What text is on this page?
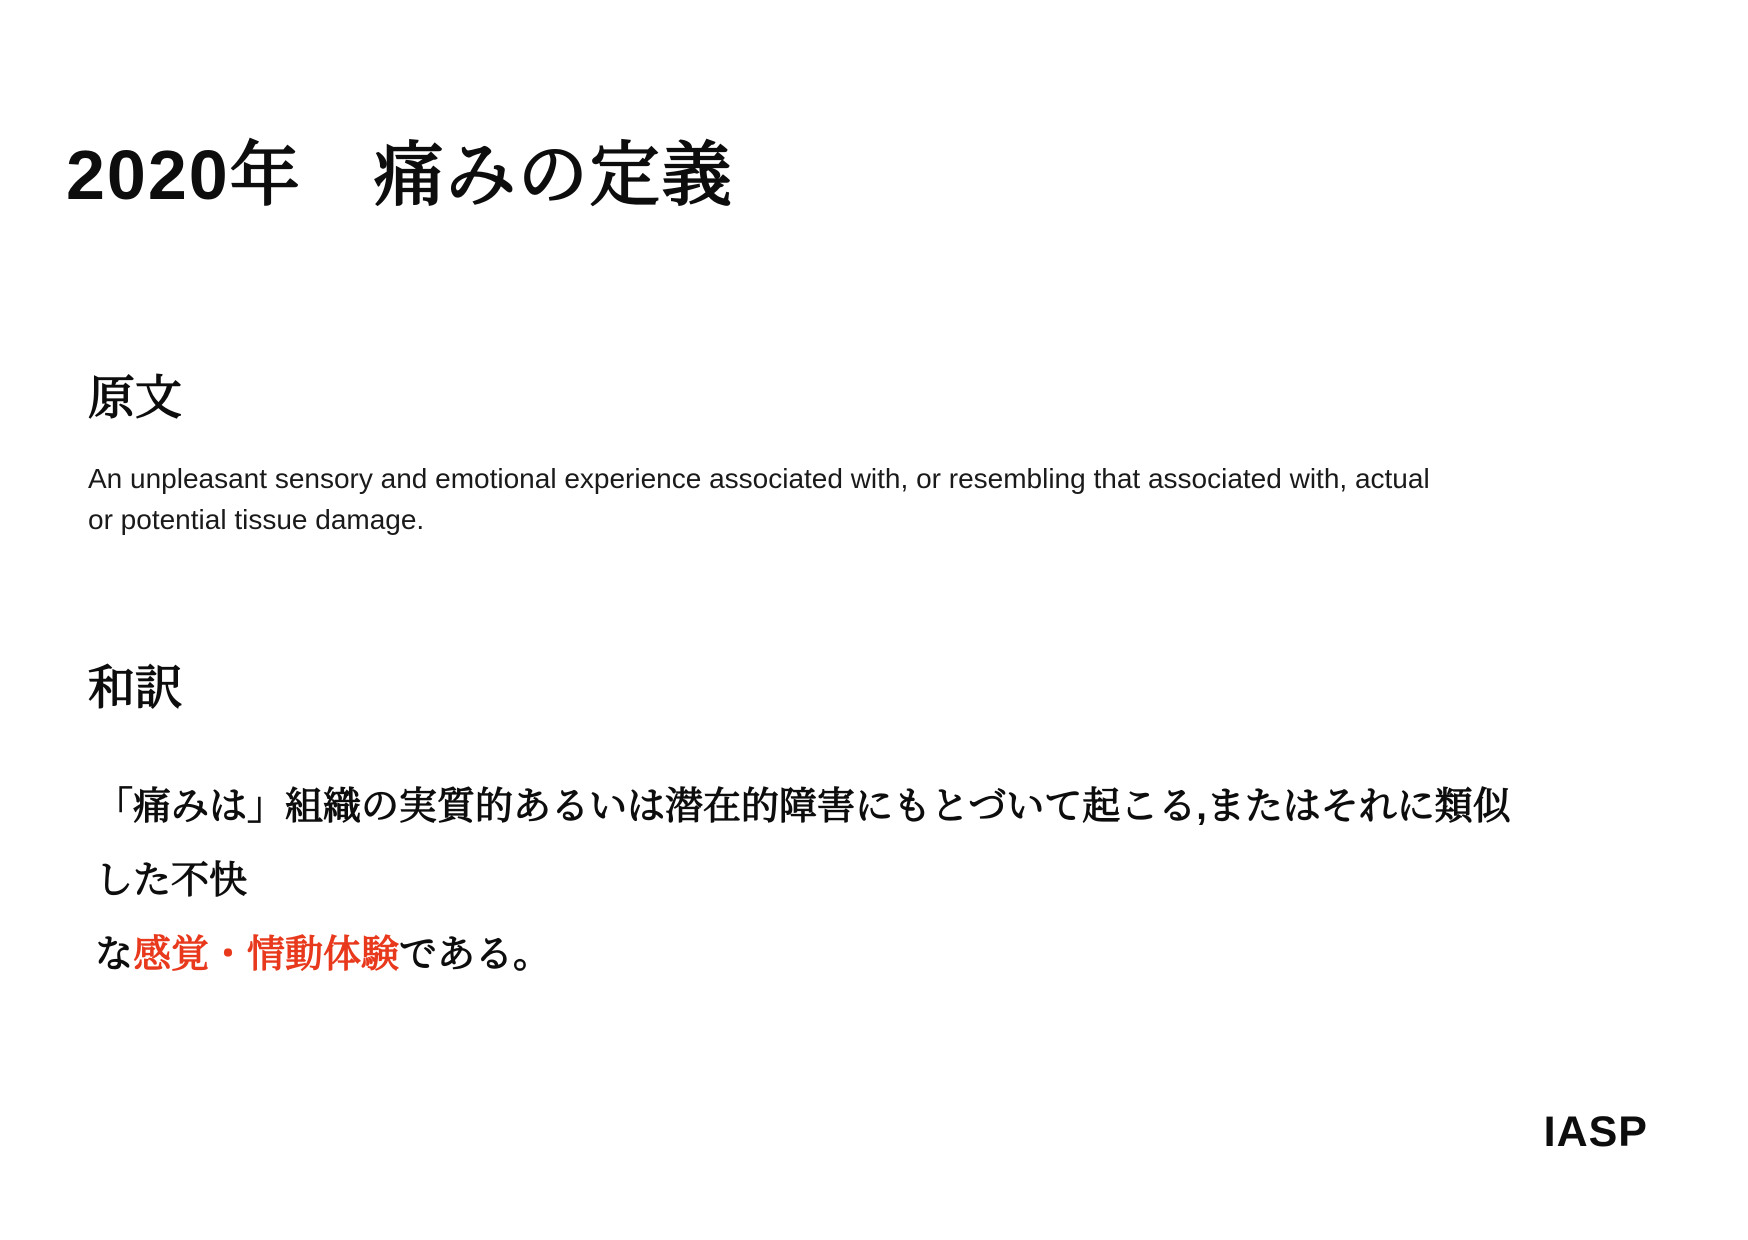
2020年　痛みの定義
原文

An unpleasant sensory and emotional experience associated with, or resembling that associated with, actual or potential tissue damage.

和訳

「痛みは」組織の実質的あるいは潜在的障害にもとづいて起こる,またはそれに類似した不快
な感覚・情動体験である。

IASP
